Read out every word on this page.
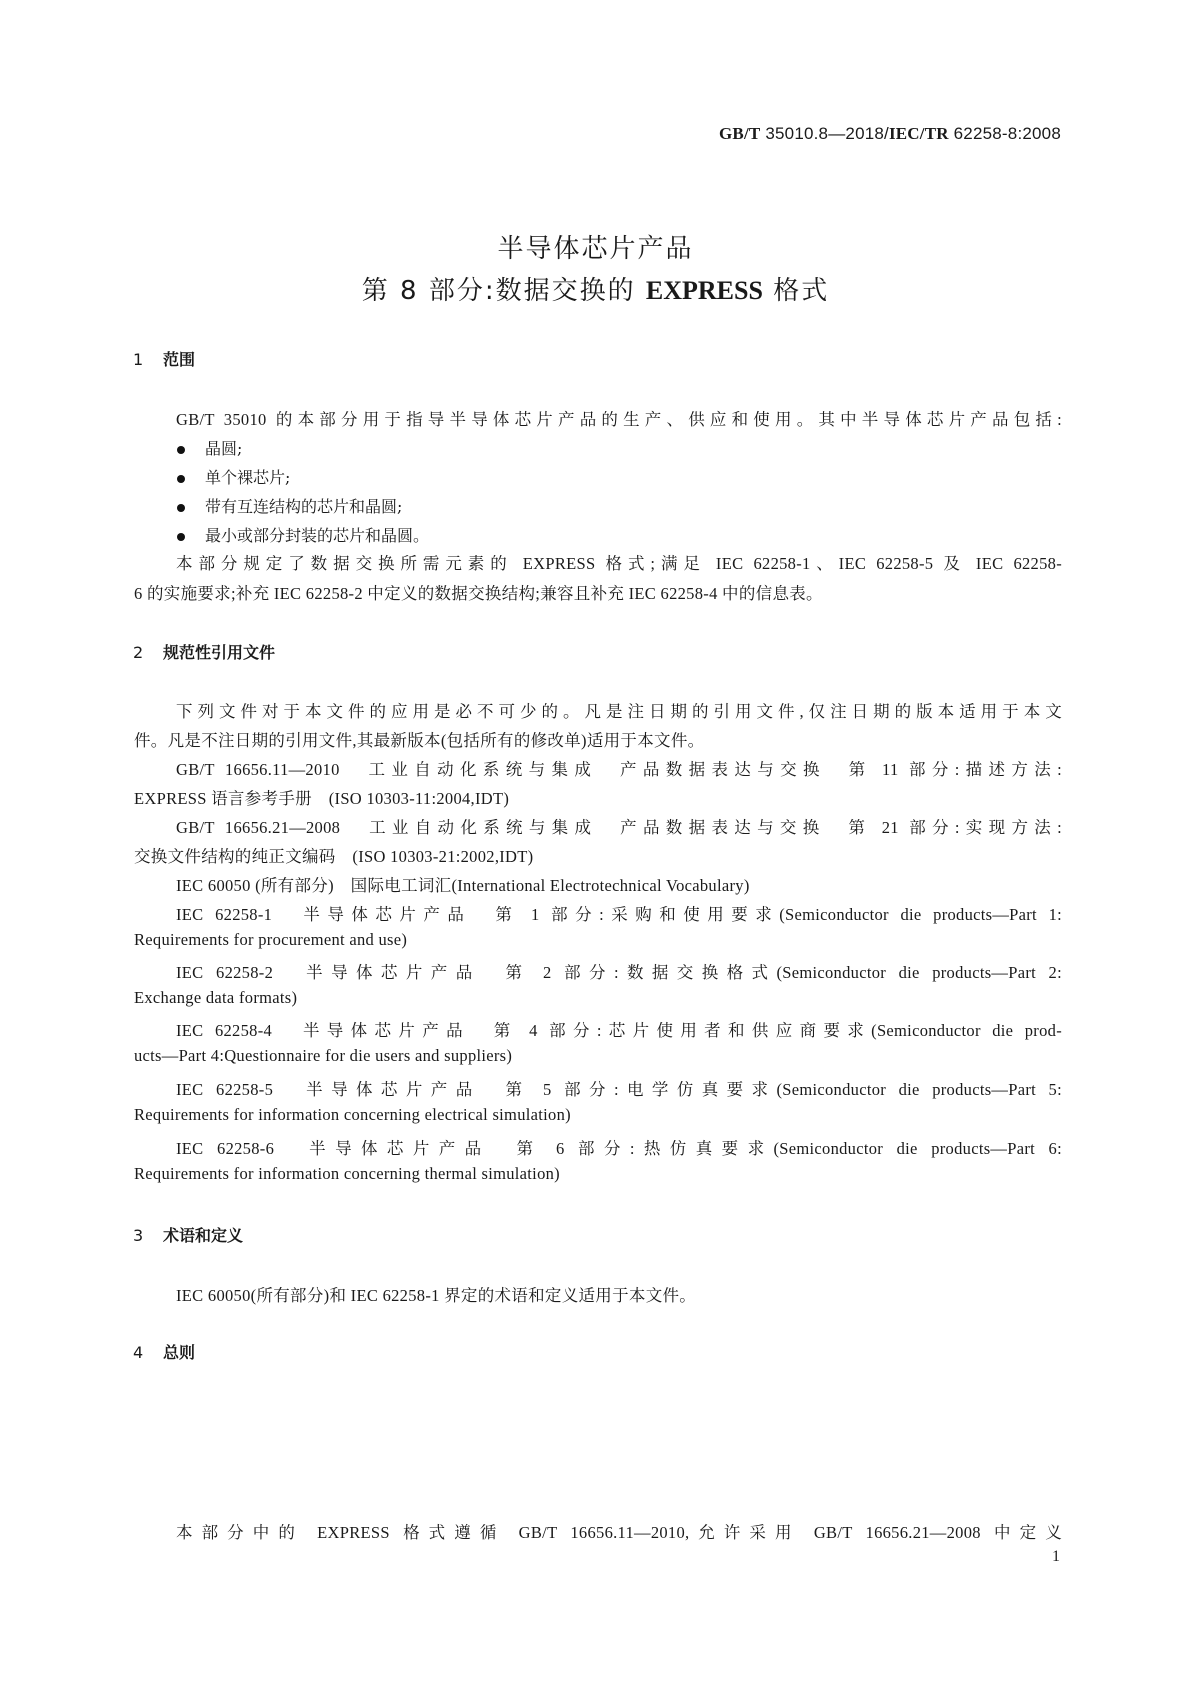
GB/T 35010.8—2018/IEC/TR 62258-8:2008
半导体芯片产品
第 8 部分:数据交换的 EXPRESS 格式
1 范围
GB/T 35010 的本部分用于指导半导体芯片产品的生产、供应和使用。其中半导体芯片产品包括:
晶圆;
单个裸芯片;
带有互连结构的芯片和晶圆;
最小或部分封装的芯片和晶圆。
本部分规定了数据交换所需元素的 EXPRESS 格式;满足 IEC 62258-1、IEC 62258-5 及 IEC 62258-
6 的实施要求;补充 IEC 62258-2 中定义的数据交换结构;兼容且补充 IEC 62258-4 中的信息表。
2 规范性引用文件
下列文件对于本文件的应用是必不可少的。凡是注日期的引用文件,仅注日期的版本适用于本文
件。凡是不注日期的引用文件,其最新版本(包括所有的修改单)适用于本文件。
GB/T 16656.11—2010　工业自动化系统与集成　产品数据表达与交换　第 11 部分:描述方法:
EXPRESS 语言参考手册　(ISO 10303-11:2004,IDT)
GB/T 16656.21—2008　工业自动化系统与集成　产品数据表达与交换　第 21 部分:实现方法:
交换文件结构的纯正文编码　(ISO 10303-21:2002,IDT)
IEC 60050 (所有部分)　国际电工词汇(International Electrotechnical Vocabulary)
IEC 62258-1　半导体芯片产品　第 1 部分:采购和使用要求(Semiconductor die products—Part 1:
Requirements for procurement and use)
IEC 62258-2　半导体芯片产品　第 2 部分:数据交换格式(Semiconductor die products—Part 2:
Exchange data formats)
IEC 62258-4　半导体芯片产品　第 4 部分:芯片使用者和供应商要求(Semiconductor die prod-
ucts—Part 4:Questionnaire for die users and suppliers)
IEC 62258-5　半导体芯片产品　第 5 部分:电学仿真要求(Semiconductor die products—Part 5:
Requirements for information concerning electrical simulation)
IEC 62258-6　半导体芯片产品　第 6 部分:热仿真要求(Semiconductor die products—Part 6:
Requirements for information concerning thermal simulation)
3 术语和定义
IEC 60050(所有部分)和 IEC 62258-1 界定的术语和定义适用于本文件。
4 总则
本部分中的 EXPRESS 格式遵循 GB/T 16656.11—2010,允许采用 GB/T 16656.21—2008 中定义
1
